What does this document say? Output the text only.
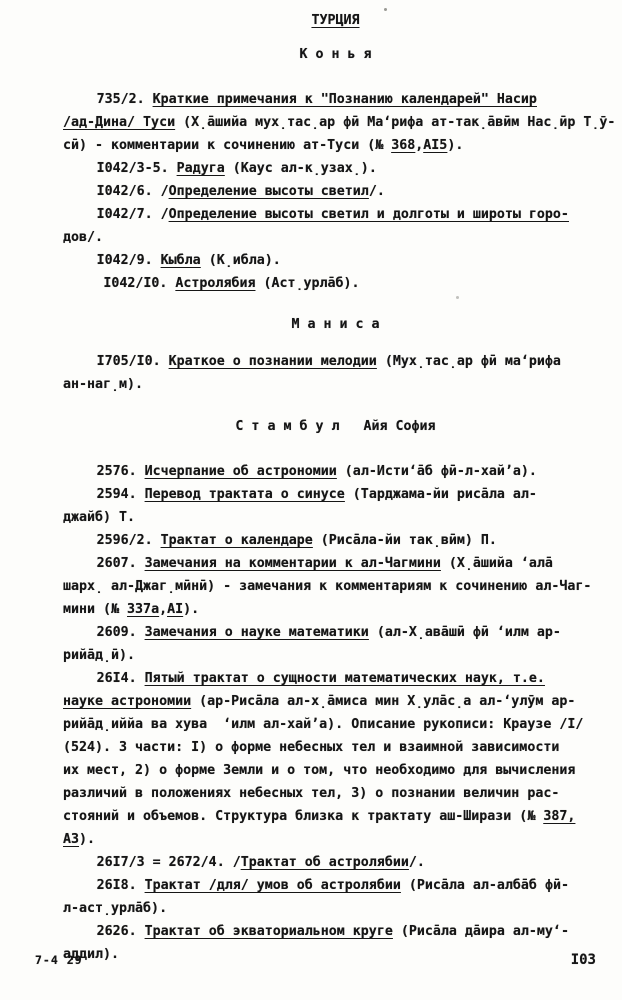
ТУРЦИЯ
К о н ь я
735/2. Краткие примечания к "Познанию календарей" Насир
/ад-Дина/ Туси (Х̣а̄шийа мух̣тас̣ар фӣ Маʻрифа ат-так̣а̄вӣм Нас̣ӣр Т̣ӯ-
сӣ) - комментарии к сочинению ат-Туси (№ 368,АI5).
I042/3-5. Радуга (Каус ал-к̣узах̣).
I042/6. /Определение высоты светил/.
I042/7. /Определение высоты светил и долготы и широты горо-
дов/.
I042/9. Кыбла (К̣ибла).
I042/I0. Астролябия (Аст̣урла̄б).
М а н и с а
I705/I0. Краткое о познании мелодии (Мух̣тас̣ар фӣ маʻрифа
ан-наг̣м).
С т а м б у л   Айя София
2576. Исчерпание об астрономии (ал-Истиʻа̄б фӣ-л-хайʼа).
2594. Перевод трактата о синусе (Тарджама-йи риса̄ла ал-
джайб) Т.
2596/2. Трактат о календаре (Риса̄ла-йи так̣вӣм) П.
2607. Замечания на комментарии к ал-Чагмини (Х̣а̄шийа ʻала̄
шарх̣ ал-Джаг̣мӣнӣ) - замечания к комментариям к сочинению ал-Чаг-
мини (№ 337а,АI).
2609. Замечания о науке математики (ал-Х̣ава̄шӣ фӣ ʻилм ар-
рийа̄д̣ӣ).
26I4. Пятый трактат о сущности математических наук, т.е.
науке астрономии (ар-Риса̄ла ал-х̣а̄миса мин Х̣ула̄с̣а ал-ʻулӯм ар-
рийа̄д̣иййа ва хува  ʻилм ал-хайʼа). Описание рукописи: Краузе /I/
(524). 3 части: I) о форме небесных тел и взаимной зависимости
их мест, 2) о форме Земли и о том, что необходимо для вычисления
различий в положениях небесных тел, 3) о познании величин рас-
стояний и объемов. Структура близка к трактату аш-Ширази (№ 387,
А3).
26I7/3 = 2672/4. /Трактат об астролябии/.
26I8. Трактат /для/ умов об астролябии (Риса̄ла ал-алба̄б фӣ-
л-аст̣урла̄б).
2626. Трактат об экваториальном круге (Риса̄ла да̄ира ал-муʻ-
аддил).
7-4 29	I03
